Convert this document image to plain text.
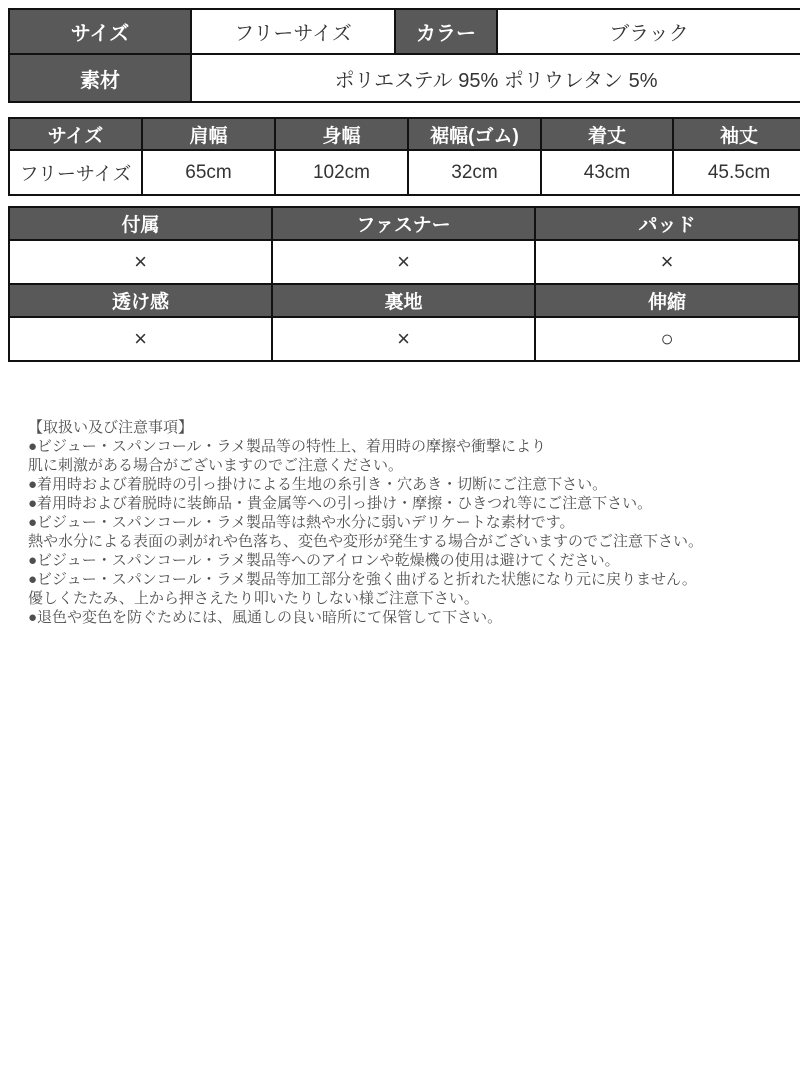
サイズ	フリーサイズ	カラー	ブラック
素材	ポリエステル 95% ポリウレタン 5%		
サイズ	肩幅	身幅	裾幅(ゴム)	着丈	袖丈
フリーサイズ	65cm	102cm	32cm	43cm	45.5cm
付属	ファスナー	パッド
×	×	×
透け感	裏地	伸縮
×	×	○
【取扱い及び注意事項】
●ビジュー・スパンコール・ラメ製品等の特性上、着用時の摩擦や衝撃により
肌に刺激がある場合がございますのでご注意ください。
●着用時および着脱時の引っ掛けによる生地の糸引き・穴あき・切断にご注意下さい。
●着用時および着脱時に装飾品・貴金属等への引っ掛け・摩擦・ひきつれ等にご注意下さい。
●ビジュー・スパンコール・ラメ製品等は熱や水分に弱いデリケートな素材です。
熱や水分による表面の剥がれや色落ち、変色や変形が発生する場合がございますのでご注意下さい。
●ビジュー・スパンコール・ラメ製品等へのアイロンや乾燥機の使用は避けてください。
●ビジュー・スパンコール・ラメ製品等加工部分を強く曲げると折れた状態になり元に戻りません。
優しくたたみ、上から押さえたり叩いたりしない様ご注意下さい。
●退色や変色を防ぐためには、風通しの良い暗所にて保管して下さい。
